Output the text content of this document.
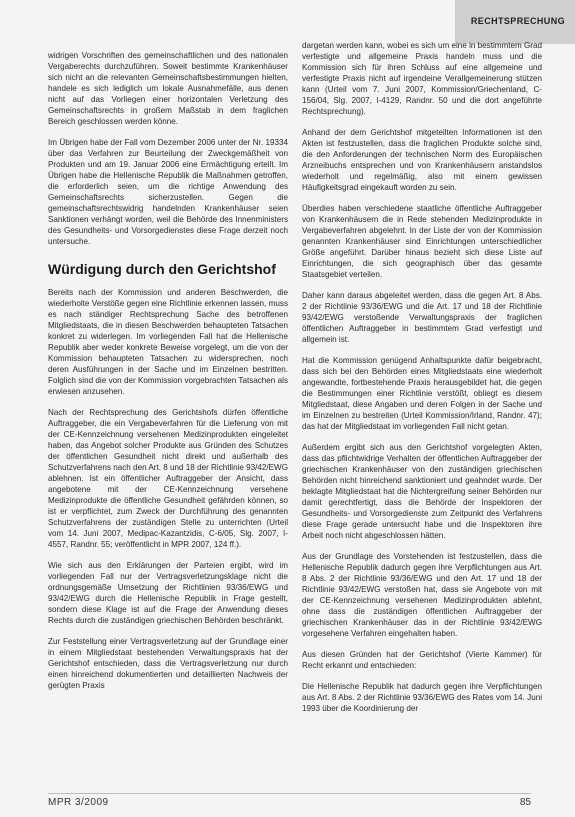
RECHTSPRECHUNG

widrigen Vorschriften des gemeinschaftlichen und des nationalen Vergaberechts durchzuführen. Soweit bestimmte Krankenhäuser sich nicht an die relevanten Gemeinschaftsbestimmungen hielten, handele es sich lediglich um lokale Ausnahmefälle, aus denen nicht auf das Vorliegen einer horizontalen Verletzung des Gemeinschaftsrechts in großem Maßstab in dem fraglichen Bereich geschlossen werden könne.

Im Übrigen habe der Fall vom Dezember 2006 unter der Nr. 19334 über das Verfahren zur Beurteilung der Zweckgemäßheit von Produkten und am 19. Januar 2006 eine Ermächtigung erteilt. Im Übrigen habe die Hellenische Republik die Maßnahmen getroffen, die erforderlich seien, um die richtige Anwendung des Gemeinschaftsrechts sicherzustellen. Gegen die gemeinschaftsrechtswidrig handelnden Krankenhäuser seien Sanktionen verhängt worden, weil die Behörde des Innenministers des Gesundheits- und Vorsorgedienstes diese Frage derzeit noch untersuche.

Würdigung durch den Gerichtshof

Bereits nach der Kommission und anderen Beschwerden, die wiederholte Verstöße gegen eine Richtlinie erkennen lassen, muss es nach ständiger Rechtsprechung Sache des betroffenen Mitgliedstaats, die in diesen Beschwerden behaupteten Tatsachen konkret zu widerlegen. Im vorliegenden Fall hat die Hellenische Republik aber weder konkrete Beweise vorgelegt, um die von der Kommission behaupteten Tatsachen zu widersprechen, noch deren Ausführungen in der Sache und im Einzelnen bestritten. Folglich sind die von der Kommission vorgebrachten Tatsachen als erwiesen anzusehen.

Nach der Rechtsprechung des Gerichtshofs dürfen öffentliche Auftraggeber, die ein Vergabeverfahren für die Lieferung von mit der CE-Kennzeichnung versehenen Medizinprodukten eingeleitet haben, das Angebot solcher Produkte aus Gründen des Schutzes der öffentlichen Gesundheit nicht direkt und außerhalb des Schutzverfahrens nach den Art. 8 und 18 der Richtlinie 93/42/EWG ablehnen. Ist ein öffentlicher Auftraggeber der Ansicht, dass angebotene mit der CE-Kennzeichnung versehene Medizinprodukte die öffentliche Gesundheit gefährden können, so ist er verpflichtet, zum Zweck der Durchführung des genannten Schutzverfahrens der zuständigen Stelle zu unterrichten (Urteil vom 14. Juni 2007, Medipac-Kazantzidis, C-6/05, Slg. 2007, I-4557, Randnr. 55; veröffentlicht in MPR 2007, 124 ff.).

Wie sich aus den Erklärungen der Parteien ergibt, wird im vorliegenden Fall nur der Vertragsverletzungsklage nicht die ordnungsgemäße Umsetzung der Richtlinien 93/36/EWG und 93/42/EWG durch die Hellenische Republik in Frage gestellt, sondern diese Klage ist auf die Frage der Anwendung dieses Rechts durch die zuständigen griechischen Behörden beschränkt.

Zur Feststellung einer Vertragsverletzung auf der Grundlage einer in einem Mitgliedstaat bestehenden Verwaltungspraxis hat der Gerichtshof entschieden, dass die Vertragsverletzung nur durch einen hinreichend dokumentierten und detaillierten Nachweis der gerügten Praxis

dargetan werden kann, wobei es sich um eine in bestimmtem Grad verfestigte und allgemeine Praxis handeln muss und die Kommission sich für ihren Schluss auf eine allgemeine und verfestigte Praxis nicht auf irgendeine Verallgemeinerung stützen kann (Urteil vom 7. Juni 2007, Kommission/Griechenland, C-156/04, Slg. 2007, I-4129, Randnr. 50 und die dort angeführte Rechtsprechung).

Anhand der dem Gerichtshof mitgeteilten Informationen ist den Akten ist festzustellen, dass die fraglichen Produkte solche sind, die den Anforderungen der technischen Norm des Europäischen Arzneibuchs entsprechen und von Krankenhäusern anstandslos wiederholt und regelmäßig, also mit einem gewissen Häufigkeitsgrad eingekauft worden zu sein.

Überdies haben verschiedene staatliche öffentliche Auftraggeber von Krankenhäusern die in Rede stehenden Medizinprodukte in Vergabeverfahren abgelehnt. In der Liste der von der Kommission genannten Krankenhäuser sind Einrichtungen unterschiedlicher Größe angeführt. Darüber hinaus bezieht sich diese Liste auf Einrichtungen, die sich geographisch über das gesamte Staatsgebiet verteilen.

Daher kann daraus abgeleitet werden, dass die gegen Art. 8 Abs. 2 der Richtlinie 93/36/EWG und die Art. 17 und 18 der Richtlinie 93/42/EWG verstoßende Verwaltungspraxis der fraglichen öffentlichen Auftraggeber in bestimmtem Grad verfestigt und allgemein ist.

Hat die Kommission genügend Anhaltspunkte dafür beigebracht, dass sich bei den Behörden eines Mitgliedstaats eine wiederholt angewandte, fortbestehende Praxis herausgebildet hat, die gegen die Bestimmungen einer Richtlinie verstößt, obliegt es diesem Mitgliedstaat, diese Angaben und deren Folgen in der Sache und im Einzelnen zu bestreiten (Urteil Kommission/Irland, Randnr. 47); das hat der Mitgliedstaat im vorliegenden Fall nicht getan.

Außerdem ergibt sich aus den Gerichtshof vorgelegten Akten, dass das pflichtwidrige Verhalten der öffentlichen Auftraggeber der griechischen Krankenhäuser von den zuständigen griechischen Behörden nicht hinreichend sanktioniert und geahndet wurde. Der beklagte Mitgliedstaat hat die Nichtergreifung seiner Behörden nur damit gerechtfertigt, dass die Behörde der Inspektoren der Gesundheits- und Vorsorgedienste zum Zeitpunkt des Verfahrens diese Frage gerade untersucht habe und die Inspektoren ihre Arbeit noch nicht abgeschlossen hätten.

Aus der Grundlage des Vorstehenden ist festzustellen, dass die Hellenische Republik dadurch gegen ihre Verpflichtungen aus Art. 8 Abs. 2 der Richtlinie 93/36/EWG und den Art. 17 und 18 der Richtlinie 93/42/EWG verstoßen hat, dass sie Angebote von mit der CE-Kennzeichnung versehenen Medizinprodukten ablehnt, ohne dass die zuständigen öffentlichen Auftraggeber der griechischen Krankenhäuser das in der Richtlinie 93/42/EWG vorgesehene Verfahren eingehalten haben.

Aus diesen Gründen hat der Gerichtshof (Vierte Kammer) für Recht erkannt und entschieden:

Die Hellenische Republik hat dadurch gegen ihre Verpflichtungen aus Art. 8 Abs. 2 der Richtlinie 93/36/EWG des Rates vom 14. Juni 1993 über die Koordinierung der

MPR 3/2009	85
